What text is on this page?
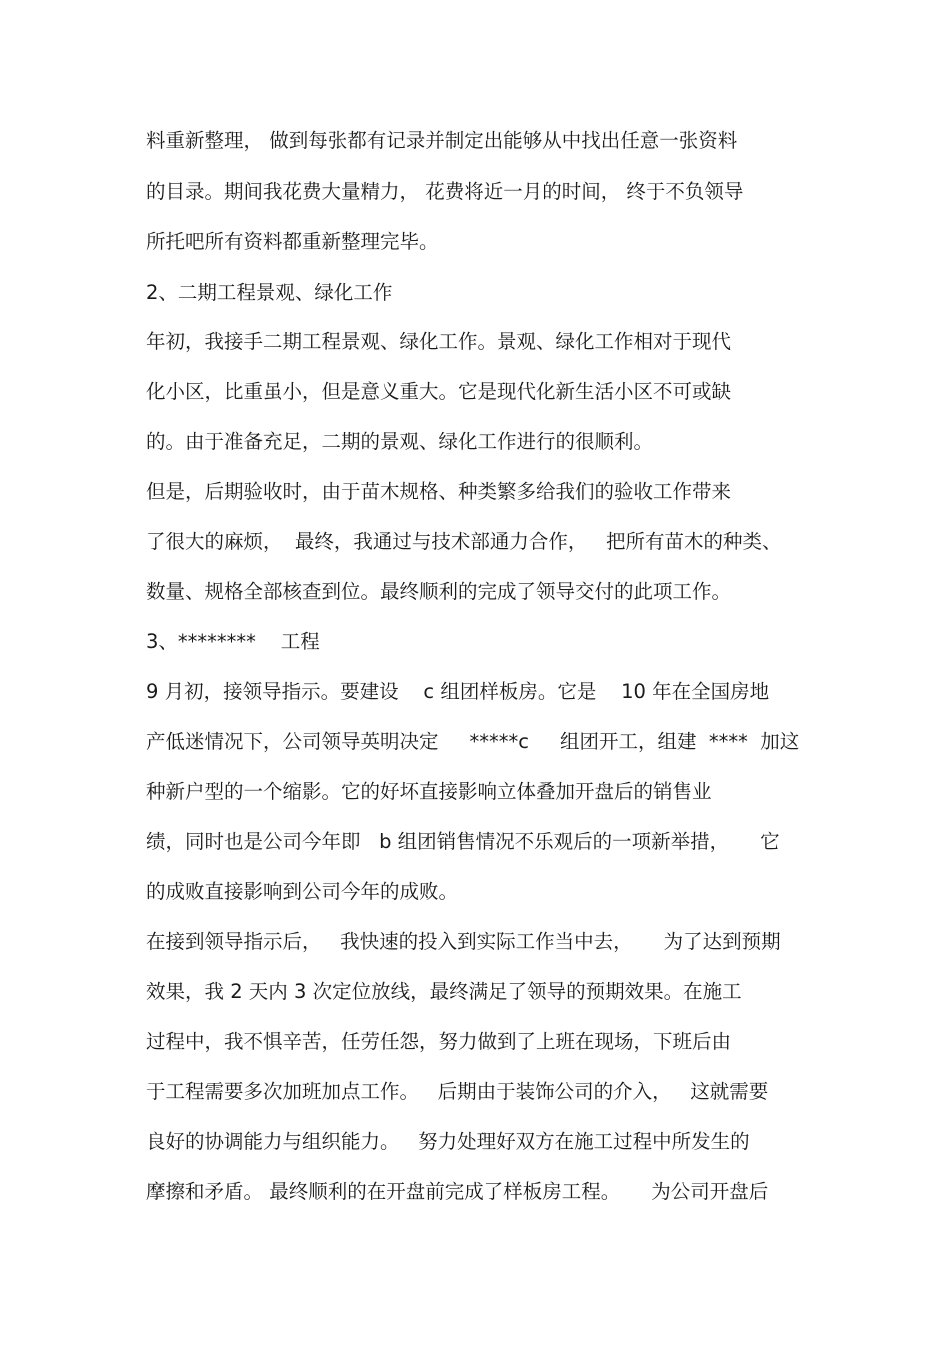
料重新整理， 做到每张都有记录并制定出能够从中找出任意一张资料
的目录。期间我花费大量精力， 花费将近一月的时间， 终于不负领导
所托吧所有资料都重新整理完毕。
2、二期工程景观、绿化工作
年初，我接手二期工程景观、绿化工作。景观、绿化工作相对于现代
化小区，比重虽小，但是意义重大。它是现代化新生活小区不可或缺
的。由于准备充足，二期的景观、绿化工作进行的很顺利。
但是，后期验收时，由于苗木规格、种类繁多给我们的验收工作带来
了很大的麻烦，  最终，我通过与技术部通力合作，   把所有苗木的种类、
数量、规格全部核查到位。最终顺利的完成了领导交付的此项工作。
3、********    工程
9 月初，接领导指示。要建设    c 组团样板房。它是    10 年在全国房地
产低迷情况下，公司领导英明决定     *****c     组团开工，组建  ****  加这
种新户型的一个缩影。它的好坏直接影响立体叠加开盘后的销售业
绩，同时也是公司今年即   b 组团销售情况不乐观后的一项新举措，     它
的成败直接影响到公司今年的成败。
在接到领导指示后，   我快速的投入到实际工作当中去，     为了达到预期
效果，我 2 天内 3 次定位放线，最终满足了领导的预期效果。在施工
过程中，我不惧辛苦，任劳任怨，努力做到了上班在现场，下班后由
于工程需要多次加班加点工作。   后期由于装饰公司的介入，   这就需要
良好的协调能力与组织能力。   努力处理好双方在施工过程中所发生的
摩擦和矛盾。 最终顺利的在开盘前完成了样板房工程。     为公司开盘后
